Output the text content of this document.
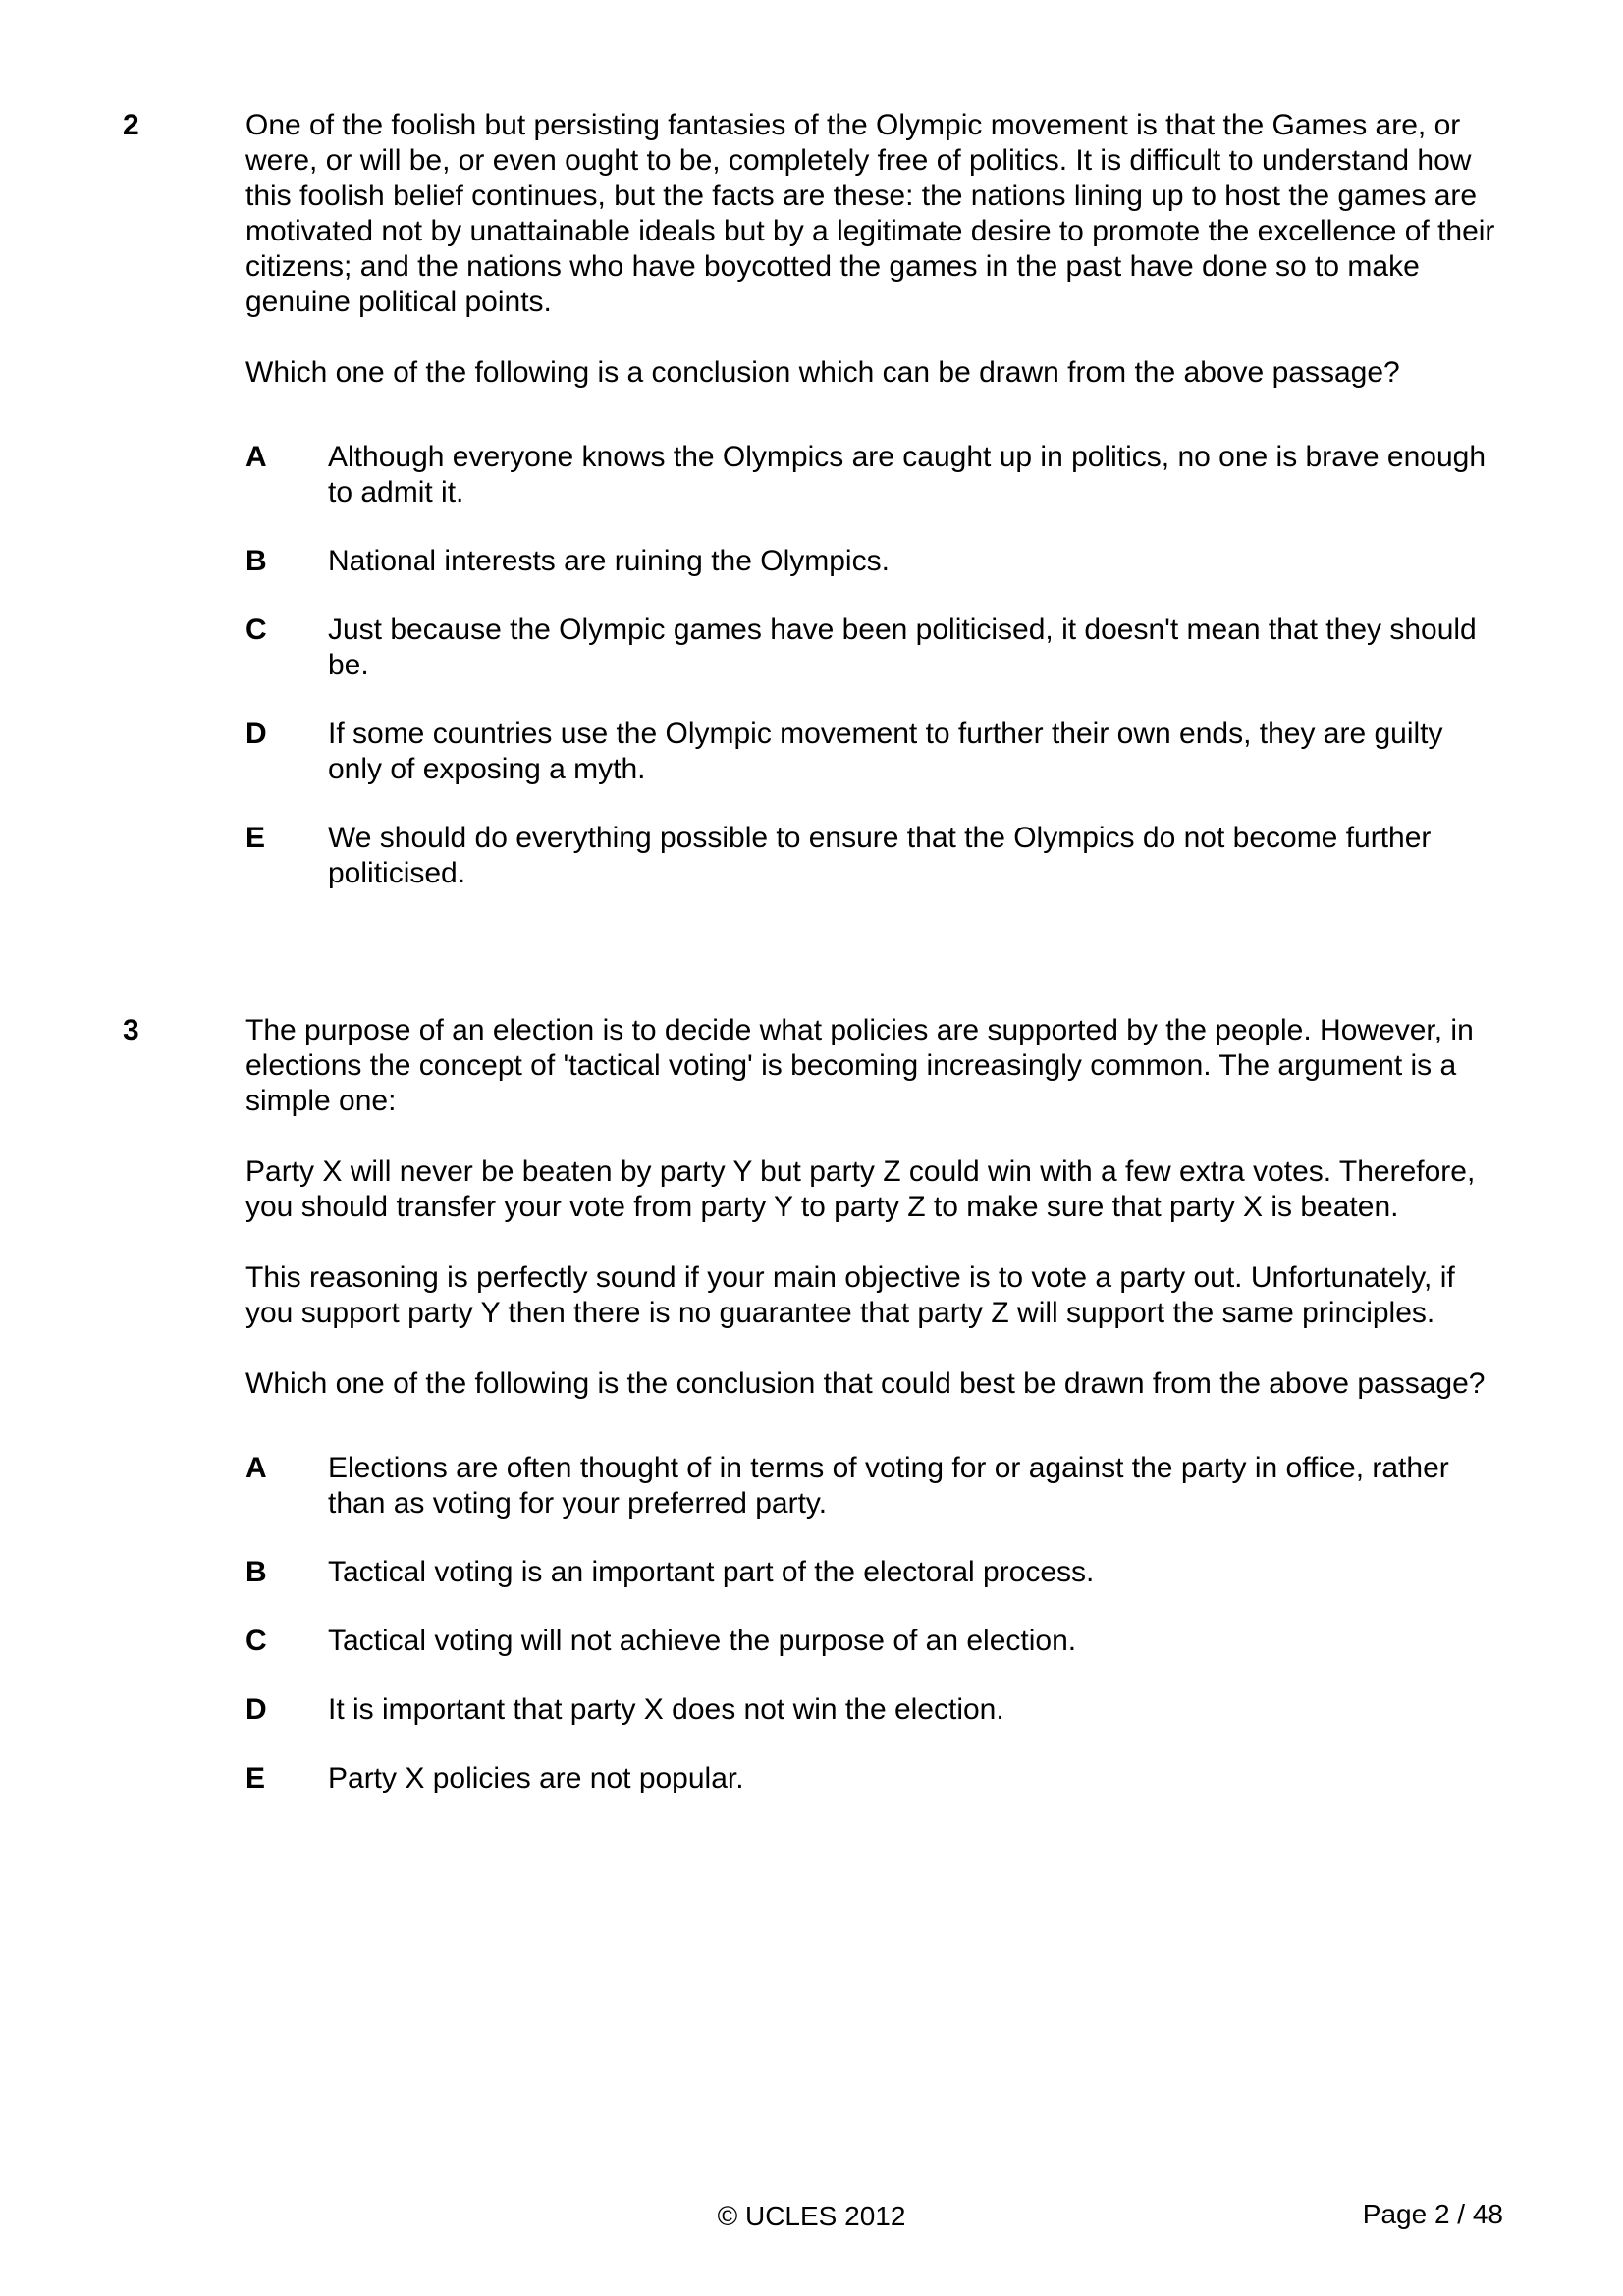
2	One of the foolish but persisting fantasies of the Olympic movement is that the Games are, or
were, or will be, or even ought to be, completely free of politics. It is difficult to understand how
this foolish belief continues, but the facts are these: the nations lining up to host the games are
motivated not by unattainable ideals but by a legitimate desire to promote the excellence of their
citizens; and the nations who have boycotted the games in the past have done so to make
genuine political points.

Which one of the following is a conclusion which can be drawn from the above passage?

A	Although everyone knows the Olympics are caught up in politics, no one is brave enough
to admit it.
B	National interests are ruining the Olympics.
C	Just because the Olympic games have been politicised, it doesn't mean that they should
be.
D	If some countries use the Olympic movement to further their own ends, they are guilty
only of exposing a myth.
E	We should do everything possible to ensure that the Olympics do not become further
politicised.
3	The purpose of an election is to decide what policies are supported by the people. However, in
elections the concept of 'tactical voting' is becoming increasingly common. The argument is a
simple one:

Party X will never be beaten by party Y but party Z could win with a few extra votes. Therefore,
you should transfer your vote from party Y to party Z to make sure that party X is beaten.

This reasoning is perfectly sound if your main objective is to vote a party out. Unfortunately, if
you support party Y then there is no guarantee that party Z will support the same principles.

Which one of the following is the conclusion that could best be drawn from the above passage?

A	Elections are often thought of in terms of voting for or against the party in office, rather
than as voting for your preferred party.
B	Tactical voting is an important part of the electoral process.
C	Tactical voting will not achieve the purpose of an election.
D	It is important that party X does not win the election.
E	Party X policies are not popular.
© UCLES 2012	Page 2 / 48
